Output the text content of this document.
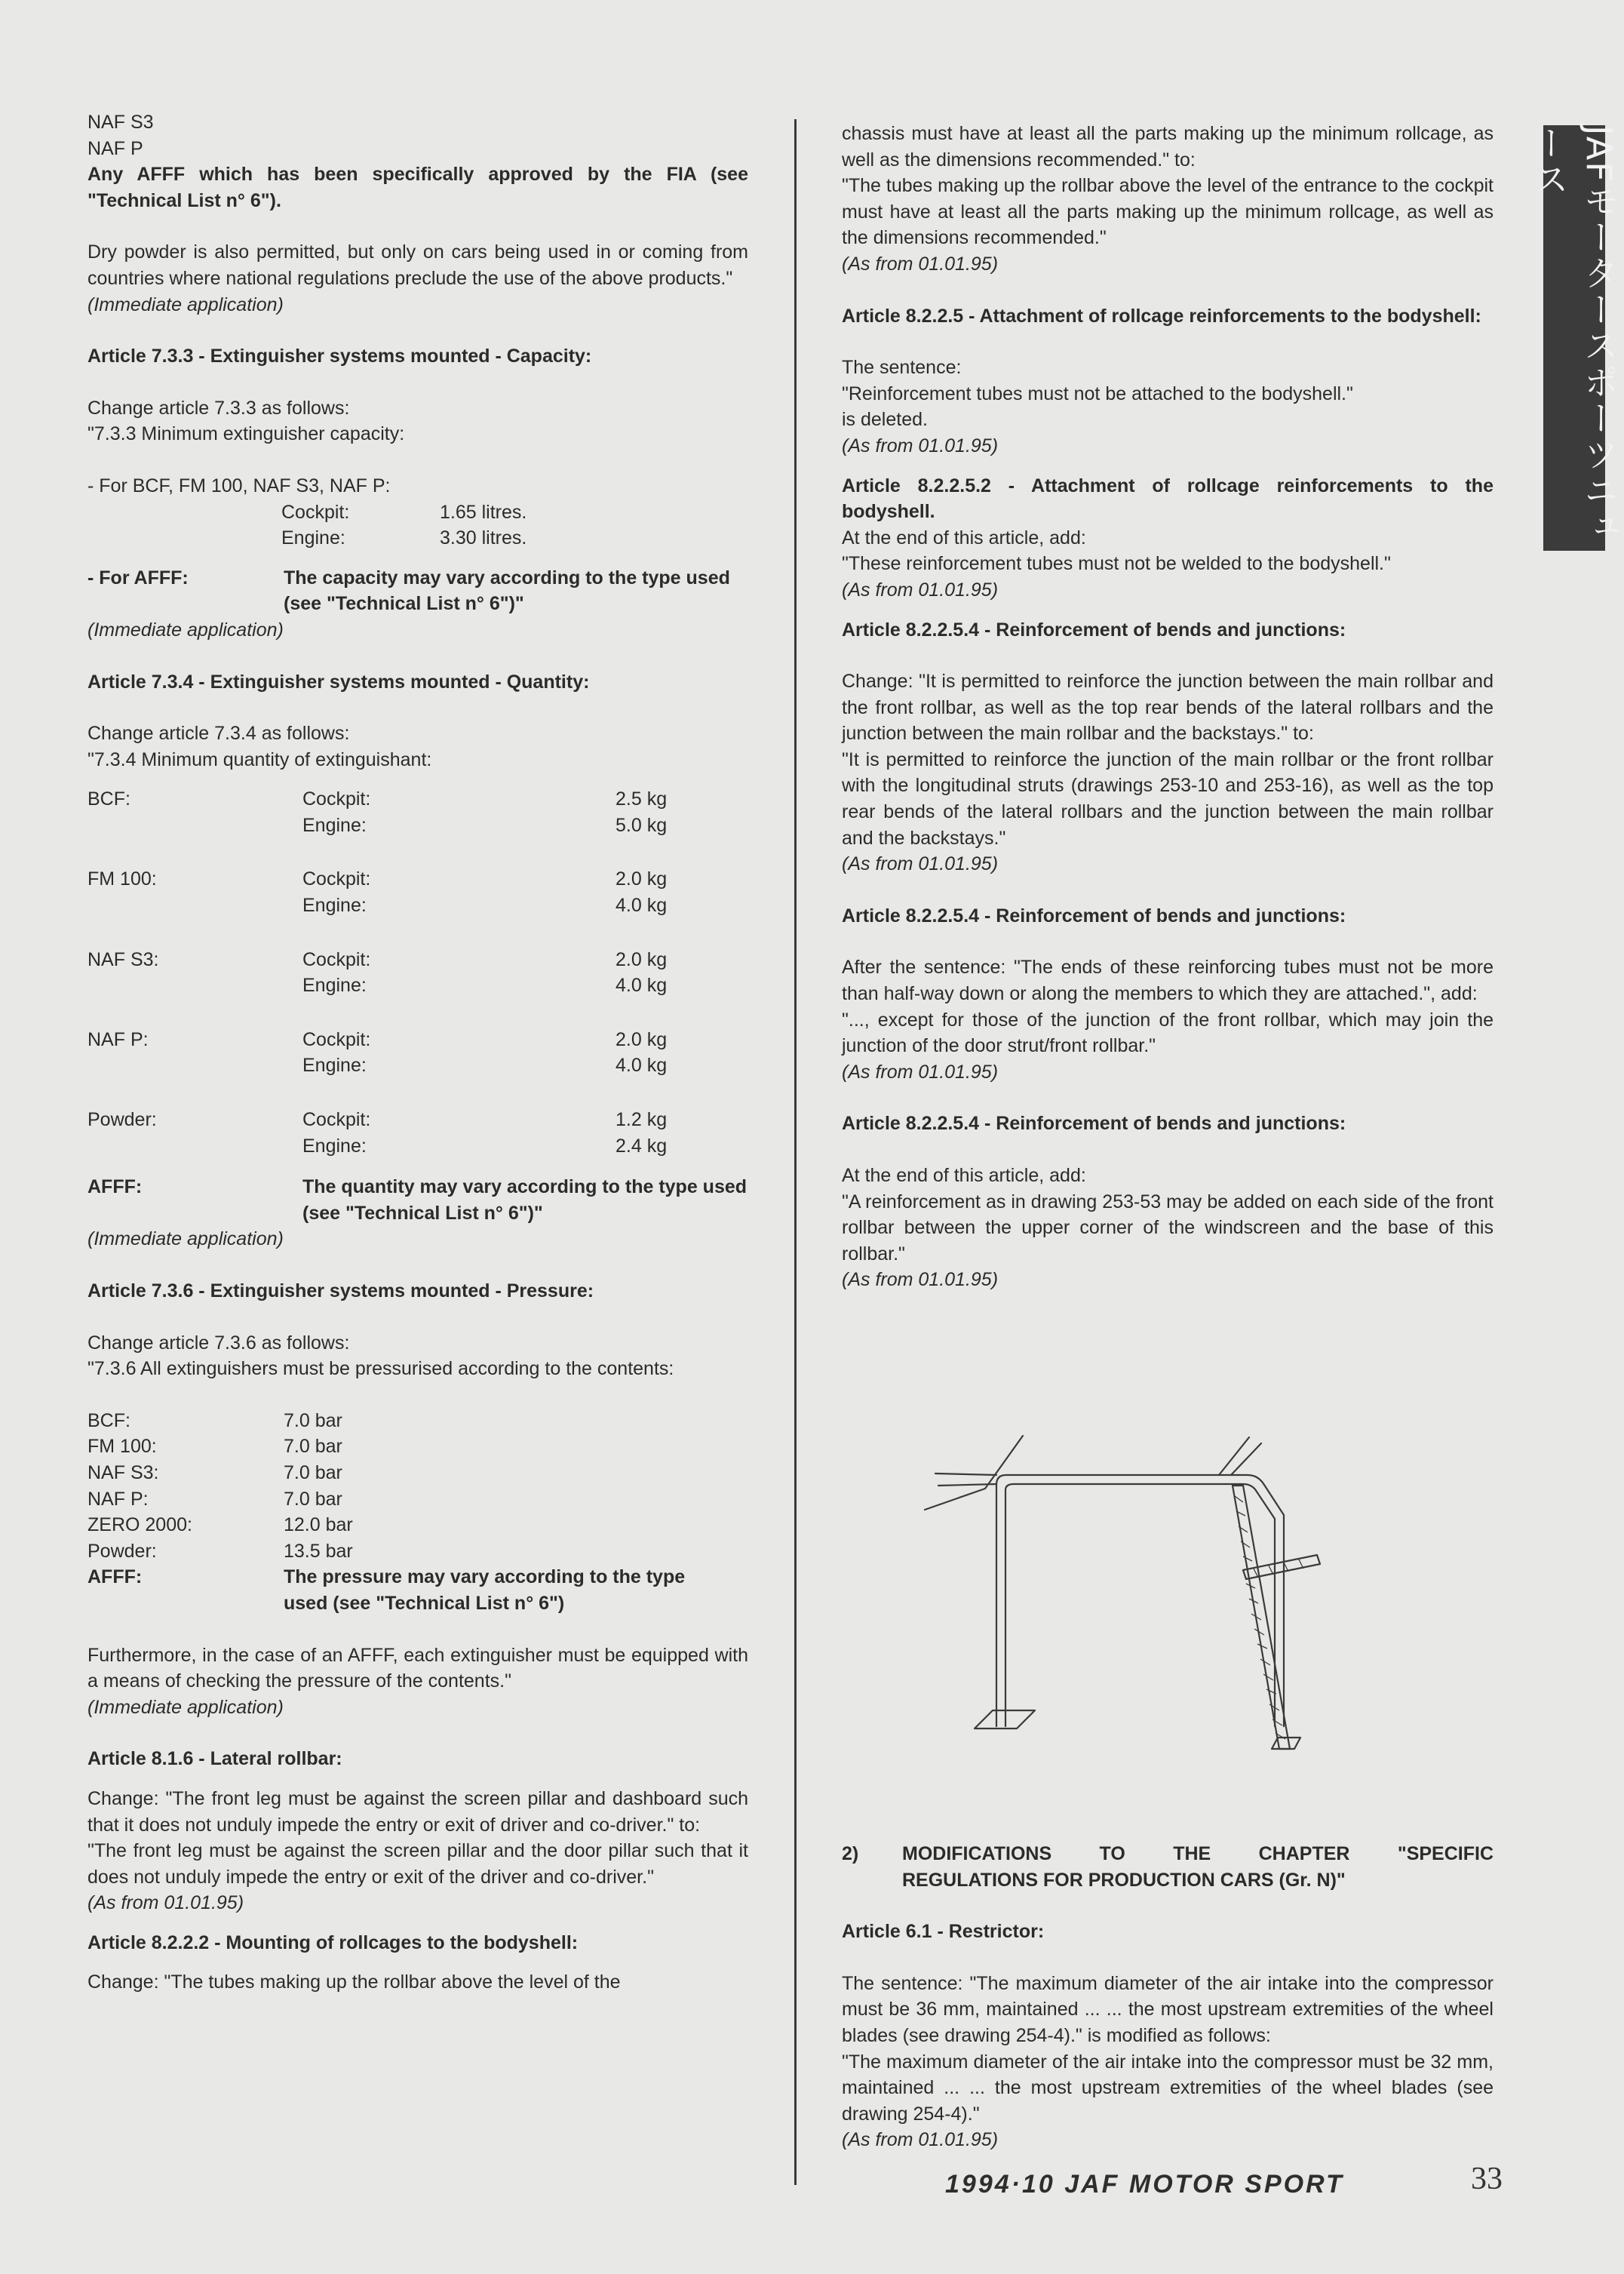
JAFモータースポーツニュース

NAF S3

NAF P

Any AFFF which has been specifically approved by the FIA (see "Technical List n° 6").

Dry powder is also permitted, but only on cars being used in or coming from countries where national regulations preclude the use of the above products."

(Immediate application)

Article 7.3.3 - Extinguisher systems mounted - Capacity:

Change article 7.3.3 as follows:

"7.3.3 Minimum extinguisher capacity:

- For BCF, FM 100, NAF S3, NAF P:

Cockpit:	1.65 litres.
Engine:	3.30 litres.
- For AFFF:	The capacity may vary according to the type used (see "Technical List n° 6")"

(Immediate application)

Article 7.3.4 - Extinguisher systems mounted - Quantity:

Change article 7.3.4 as follows:

"7.3.4 Minimum quantity of extinguishant:

BCF:	Cockpit:	2.5 kg
Engine:	5.0 kg
FM 100:	Cockpit:	2.0 kg
Engine:	4.0 kg
NAF S3:	Cockpit:	2.0 kg
Engine:	4.0 kg
NAF P:	Cockpit:	2.0 kg
Engine:	4.0 kg
Powder:	Cockpit:	1.2 kg
Engine:	2.4 kg
AFFF:	The quantity may vary according to the type used (see "Technical List n° 6")"

(Immediate application)

Article 7.3.6 - Extinguisher systems mounted - Pressure:

Change article 7.3.6 as follows:

"7.3.6 All extinguishers must be pressurised according to the contents:

BCF:	7.0 bar
FM 100:	7.0 bar
NAF S3:	7.0 bar
NAF P:	7.0 bar
ZERO 2000:	12.0 bar
Powder:	13.5 bar
AFFF:	The pressure may vary according to the type used (see "Technical List n° 6")

Furthermore, in the case of an AFFF, each extinguisher must be equipped with a means of checking the pressure of the contents."

(Immediate application)

Article 8.1.6 - Lateral rollbar:

Change: "The front leg must be against the screen pillar and dashboard such that it does not unduly impede the entry or exit of driver and co-driver." to:

"The front leg must be against the screen pillar and the door pillar such that it does not unduly impede the entry or exit of the driver and co-driver."

(As from 01.01.95)

Article 8.2.2.2 - Mounting of rollcages to the bodyshell:

Change: "The tubes making up the rollbar above the level of the

chassis must have at least all the parts making up the minimum rollcage, as well as the dimensions recommended." to:

"The tubes making up the rollbar above the level of the entrance to the cockpit must have at least all the parts making up the minimum rollcage, as well as the dimensions recommended."

(As from 01.01.95)

Article 8.2.2.5 - Attachment of rollcage reinforcements to the bodyshell:

The sentence:

"Reinforcement tubes must not be attached to the bodyshell."

is deleted.

(As from 01.01.95)

Article 8.2.2.5.2 - Attachment of rollcage reinforcements to the bodyshell.

At the end of this article, add:

"These reinforcement tubes must not be welded to the bodyshell."

(As from 01.01.95)

Article 8.2.2.5.4 - Reinforcement of bends and junctions:

Change: "It is permitted to reinforce the junction between the main rollbar and the front rollbar, as well as the top rear bends of the lateral rollbars and the junction between the main rollbar and the backstays." to:

"It is permitted to reinforce the junction of the main rollbar or the front rollbar with the longitudinal struts (drawings 253-10 and 253-16), as well as the top rear bends of the lateral rollbars and the junction between the main rollbar and the backstays."

(As from 01.01.95)

Article 8.2.2.5.4 - Reinforcement of bends and junctions:

After the sentence: "The ends of these reinforcing tubes must not be more than half-way down or along the members to which they are attached.", add:

"..., except for those of the junction of the front rollbar, which may join the junction of the door strut/front rollbar."

(As from 01.01.95)

Article 8.2.2.5.4 - Reinforcement of bends and junctions:

At the end of this article, add:

"A reinforcement as in drawing 253-53 may be added on each side of the front rollbar between the upper corner of the windscreen and the base of this rollbar."

(As from 01.01.95)

2)	MODIFICATIONS TO THE CHAPTER "SPECIFIC
REGULATIONS FOR PRODUCTION CARS (Gr. N)"

Article 6.1 - Restrictor:

The sentence: "The maximum diameter of the air intake into the compressor must be 36 mm, maintained ... ... the most upstream extremities of the wheel blades (see drawing 254-4)." is modified as follows:

"The maximum diameter of the air intake into the compressor must be 32 mm, maintained ... ... the most upstream extremities of the wheel blades (see drawing 254-4)."

(As from 01.01.95)

1994·10 JAF MOTOR SPORT	33
